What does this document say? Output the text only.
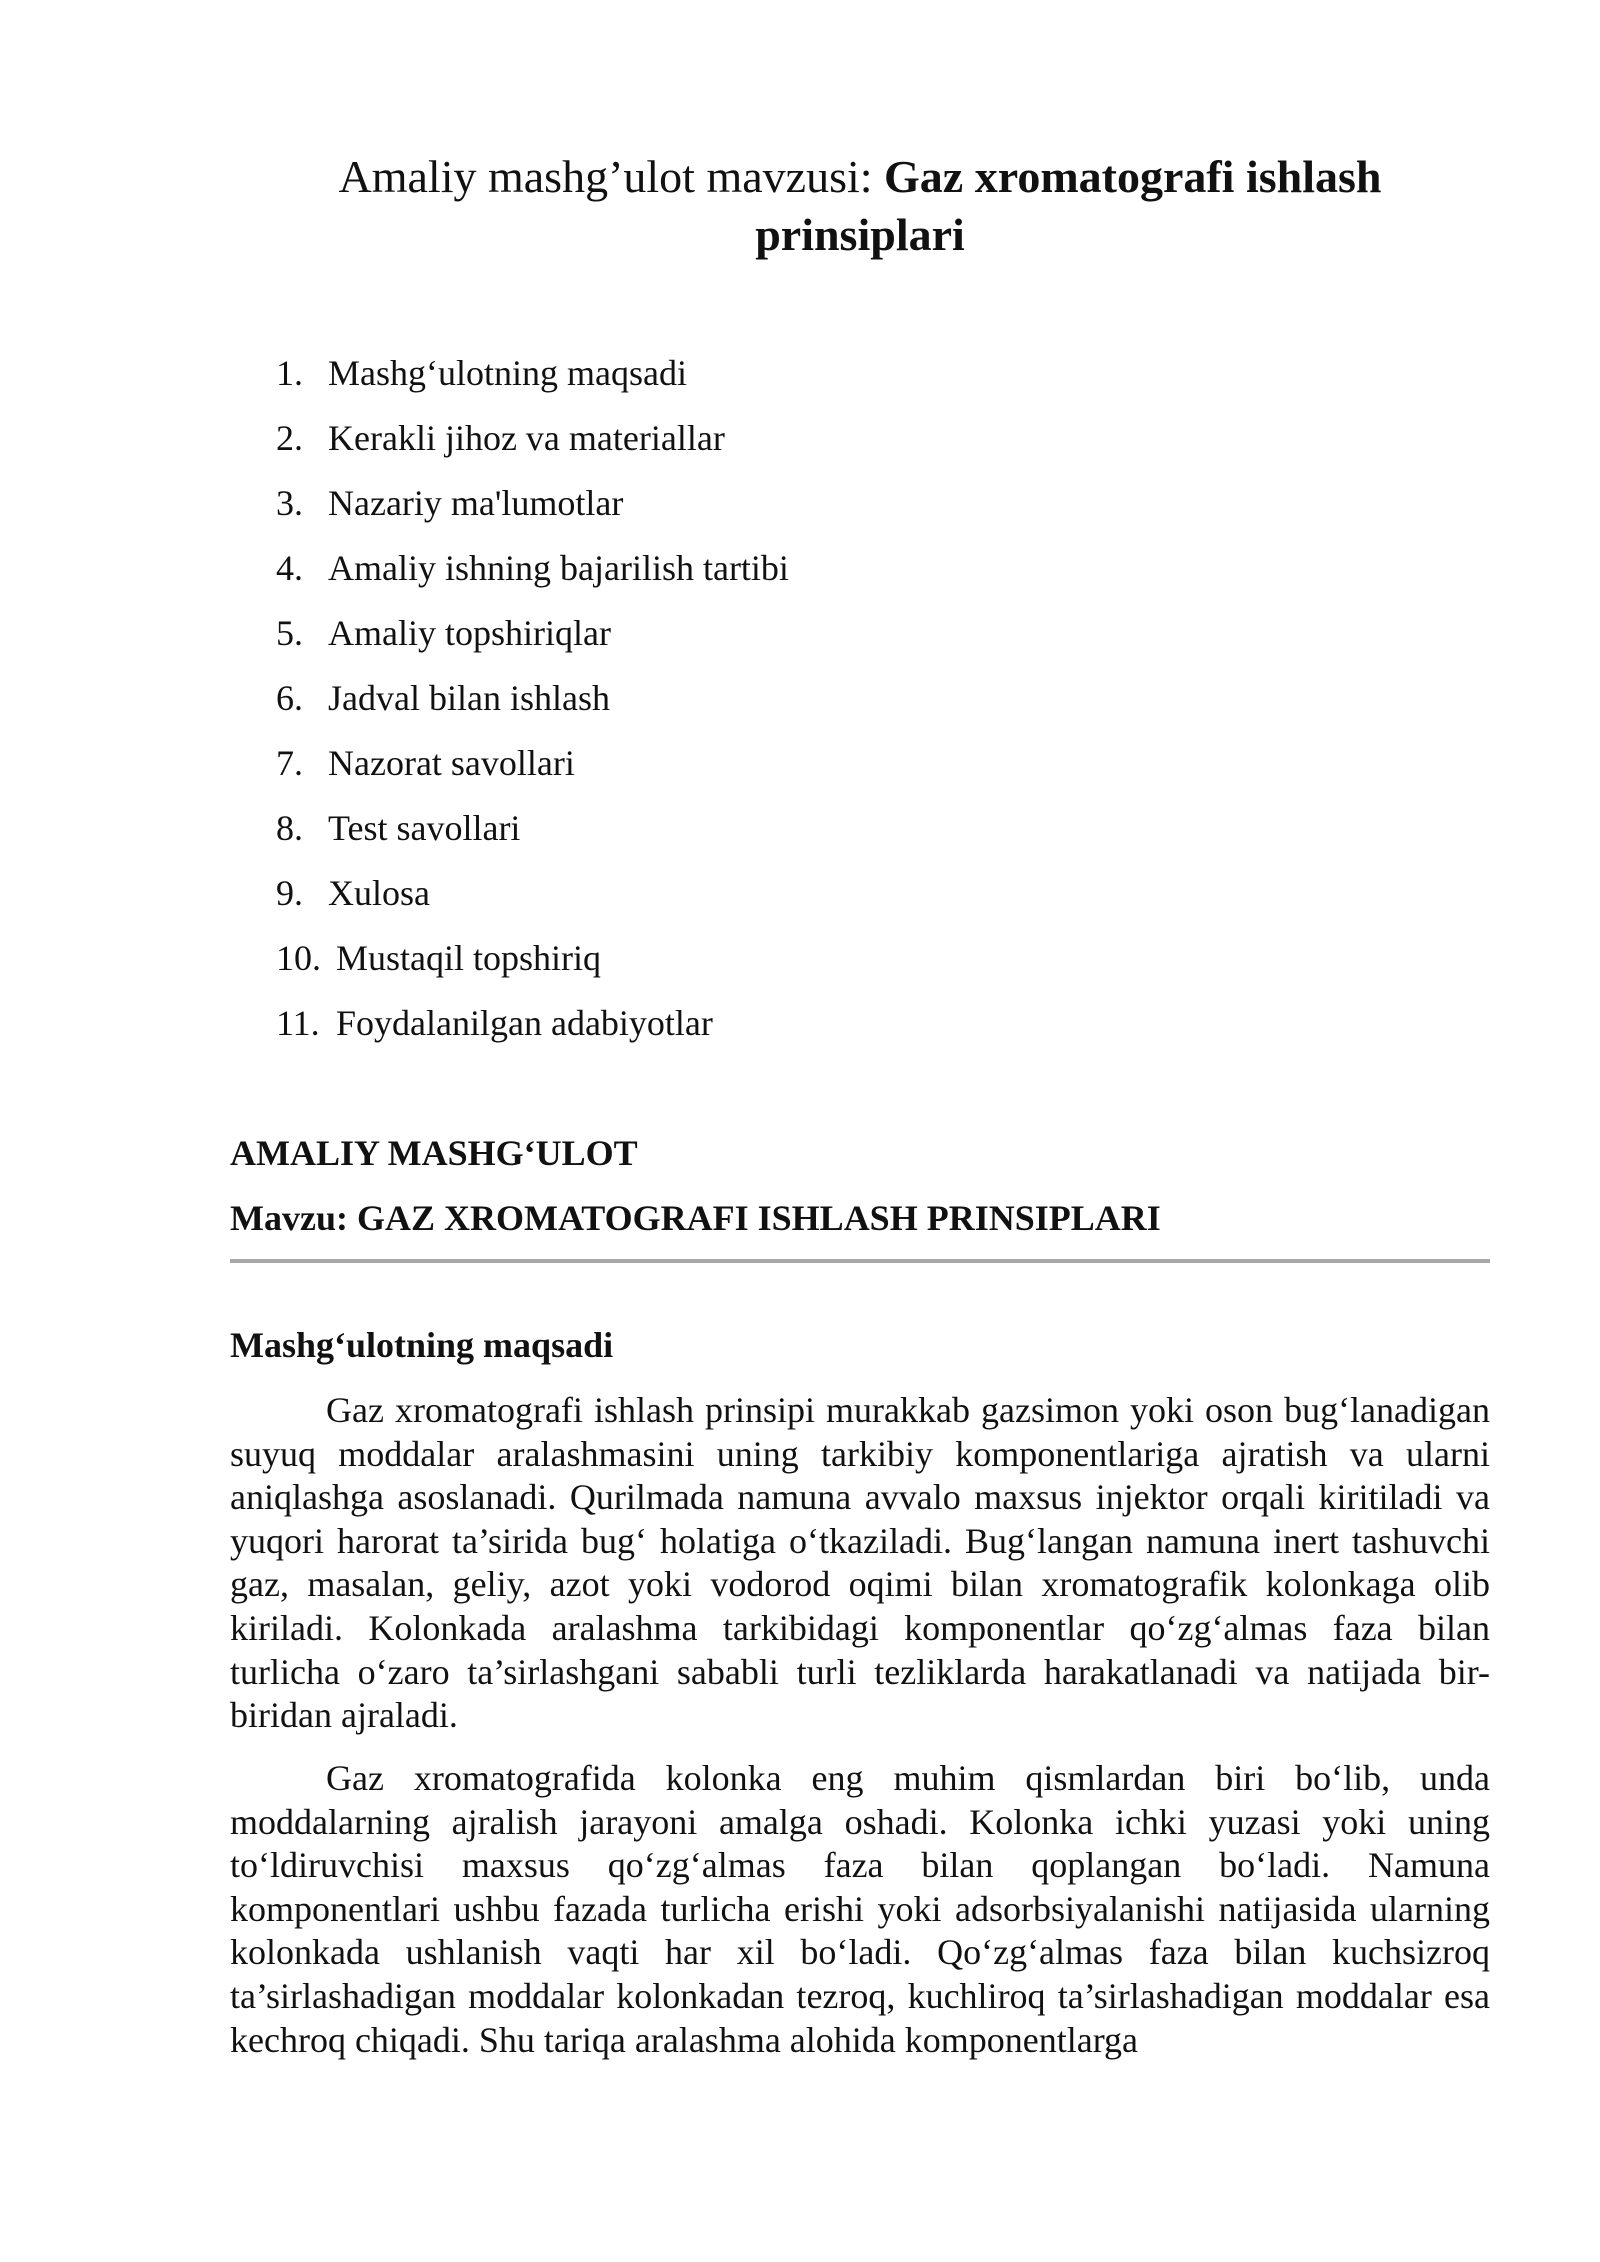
Amaliy mashg’ulot mavzusi: Gaz xromatografi ishlash prinsiplari
1. Mashg‘ulotning maqsadi
2. Kerakli jihoz va materiallar
3. Nazariy ma'lumotlar
4. Amaliy ishning bajarilish tartibi
5. Amaliy topshiriqlar
6. Jadval bilan ishlash
7. Nazorat savollari
8. Test savollari
9. Xulosa
10. Mustaqil topshiriq
11. Foydalanilgan adabiyotlar
AMALIY MASHG‘ULOT
Mavzu: GAZ XROMATOGRAFI ISHLASH PRINSIPLARI
Mashg‘ulotning maqsadi

Gaz xromatografi ishlash prinsipi murakkab gazsimon yoki oson bug‘lanadigan suyuq moddalar aralashmasini uning tarkibiy komponentlariga ajratish va ularni aniqlashga asoslanadi. Qurilmada namuna avvalo maxsus injektor orqali kiritiladi va yuqori harorat ta’sirida bug‘ holatiga o‘tkaziladi. Bug‘langan namuna inert tashuvchi gaz, masalan, geliy, azot yoki vodorod oqimi bilan xromatografik kolonkaga olib kiriladi. Kolonkada aralashma tarkibidagi komponentlar qo‘zg‘almas faza bilan turlicha o‘zaro ta’sirlashgani sababli turli tezliklarda harakatlanadi va natijada bir-biridan ajraladi.

Gaz xromatografida kolonka eng muhim qismlardan biri bo‘lib, unda moddalarning ajralish jarayoni amalga oshadi. Kolonka ichki yuzasi yoki uning to‘ldiruvchisi maxsus qo‘zg‘almas faza bilan qoplangan bo‘ladi. Namuna komponentlari ushbu fazada turlicha erishi yoki adsorbsiyalanishi natijasida ularning kolonkada ushlanish vaqti har xil bo‘ladi. Qo‘zg‘almas faza bilan kuchsizroq ta’sirlashadigan moddalar kolonkadan tezroq, kuchliroq ta’sirlashadigan moddalar esa kechroq chiqadi. Shu tariqa aralashma alohida komponentlarga
